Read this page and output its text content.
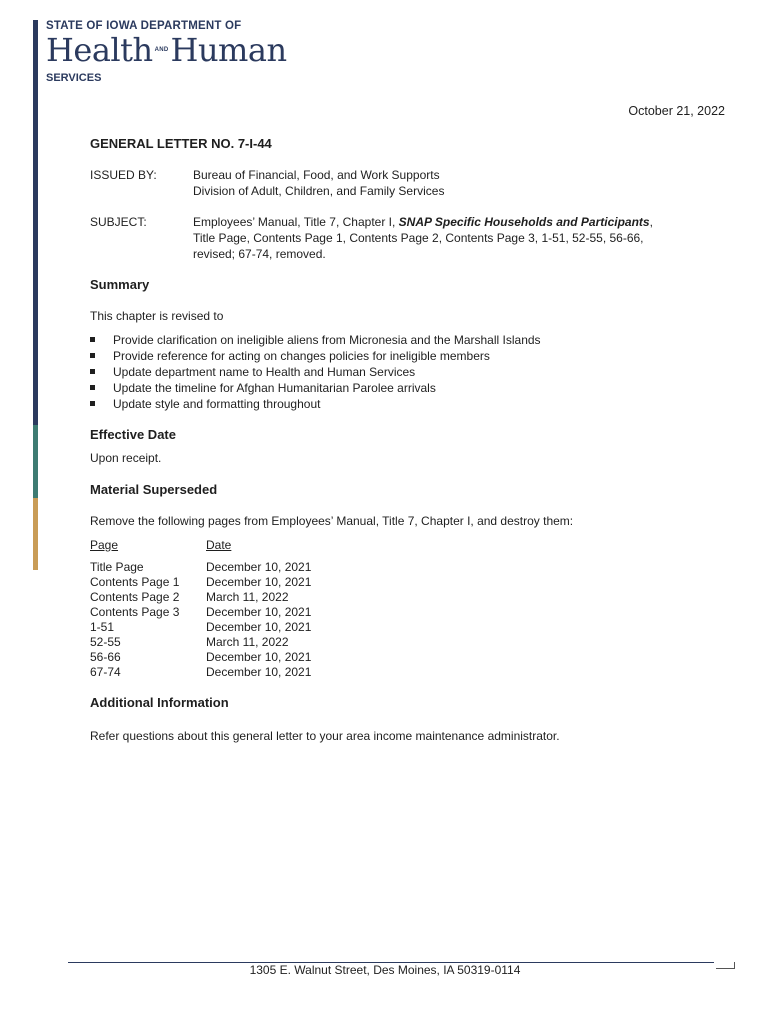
STATE OF IOWA DEPARTMENT OF
Health $^{AND}$Human
SERVICES
October 21, 2022
GENERAL LETTER NO. 7-I-44
ISSUED BY:	Bureau of Financial, Food, and Work Supports
Division of Adult, Children, and Family Services
SUBJECT:	Employees’ Manual, Title 7, Chapter I, SNAP Specific Households and Participants,
Title Page, Contents Page 1, Contents Page 2, Contents Page 3, 1-51, 52-55, 56-66,
revised; 67-74, removed.
Summary
This chapter is revised to
Provide clarification on ineligible aliens from Micronesia and the Marshall Islands
Provide reference for acting on changes policies for ineligible members
Update department name to Health and Human Services
Update the timeline for Afghan Humanitarian Parolee arrivals
Update style and formatting throughout
Effective Date
Upon receipt.
Material Superseded
Remove the following pages from Employees’ Manual, Title 7, Chapter I, and destroy them:
Page	Date
Title Page	December 10, 2021
Contents Page 1	December 10, 2021
Contents Page 2	March 11, 2022
Contents Page 3	December 10, 2021
1-51	December 10, 2021
52-55	March 11, 2022
56-66	December 10, 2021
67-74	December 10, 2021
Additional Information
Refer questions about this general letter to your area income maintenance administrator.
1305 E. Walnut Street, Des Moines, IA 50319-0114
